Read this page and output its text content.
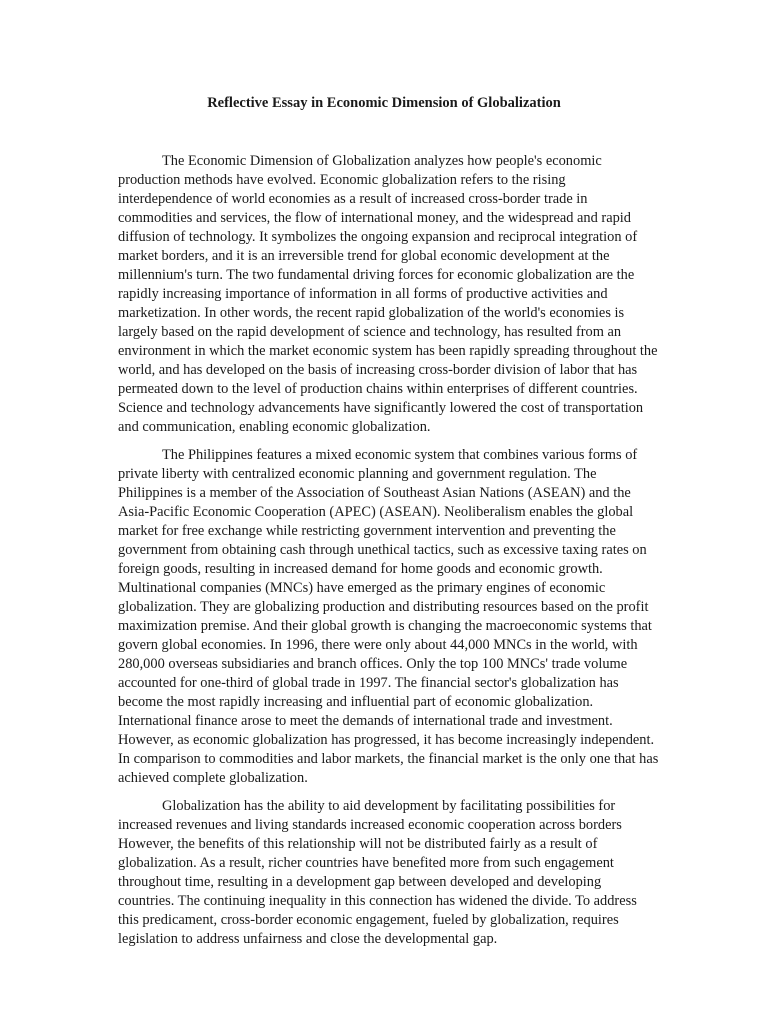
Reflective Essay in Economic Dimension of Globalization

The Economic Dimension of Globalization analyzes how people's economic production methods have evolved. Economic globalization refers to the rising interdependence of world economies as a result of increased cross-border trade in commodities and services, the flow of international money, and the widespread and rapid diffusion of technology. It symbolizes the ongoing expansion and reciprocal integration of market borders, and it is an irreversible trend for global economic development at the millennium's turn. The two fundamental driving forces for economic globalization are the rapidly increasing importance of information in all forms of productive activities and marketization. In other words, the recent rapid globalization of the world's economies is largely based on the rapid development of science and technology, has resulted from an environment in which the market economic system has been rapidly spreading throughout the world, and has developed on the basis of increasing cross-border division of labor that has permeated down to the level of production chains within enterprises of different countries. Science and technology advancements have significantly lowered the cost of transportation and communication, enabling economic globalization.

The Philippines features a mixed economic system that combines various forms of private liberty with centralized economic planning and government regulation. The Philippines is a member of the Association of Southeast Asian Nations (ASEAN) and the Asia-Pacific Economic Cooperation (APEC) (ASEAN). Neoliberalism enables the global market for free exchange while restricting government intervention and preventing the government from obtaining cash through unethical tactics, such as excessive taxing rates on foreign goods, resulting in increased demand for home goods and economic growth. Multinational companies (MNCs) have emerged as the primary engines of economic globalization. They are globalizing production and distributing resources based on the profit maximization premise. And their global growth is changing the macroeconomic systems that govern global economies. In 1996, there were only about 44,000 MNCs in the world, with 280,000 overseas subsidiaries and branch offices. Only the top 100 MNCs' trade volume accounted for one-third of global trade in 1997. The financial sector's globalization has become the most rapidly increasing and influential part of economic globalization. International finance arose to meet the demands of international trade and investment. However, as economic globalization has progressed, it has become increasingly independent. In comparison to commodities and labor markets, the financial market is the only one that has achieved complete globalization.

Globalization has the ability to aid development by facilitating possibilities for increased revenues and living standards increased economic cooperation across borders However, the benefits of this relationship will not be distributed fairly as a result of globalization. As a result, richer countries have benefited more from such engagement throughout time, resulting in a development gap between developed and developing countries. The continuing inequality in this connection has widened the divide. To address this predicament, cross-border economic engagement, fueled by globalization, requires legislation to address unfairness and close the developmental gap.
